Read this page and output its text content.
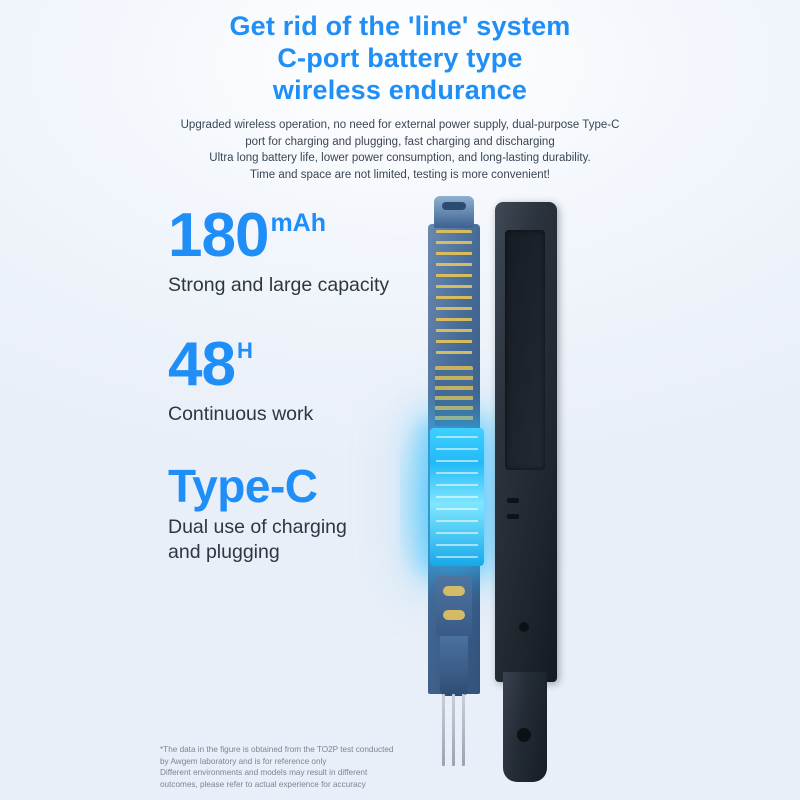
Get rid of the 'line' system
C-port battery type
wireless endurance
Upgraded wireless operation, no need for external power supply, dual-purpose Type-C
port for charging and plugging, fast charging and discharging
Ultra long battery life, lower power consumption, and long-lasting durability.
Time and space are not limited, testing is more convenient!
180 mAh
Strong and large capacity
48 H
Continuous work
Type-C
Dual use of charging
and plugging
*The data in the figure is obtained from the TO2P test conducted
by Awgem laboratory and is for reference only
Different environments and models may result in different
outcomes, please refer to actual experience for accuracy
